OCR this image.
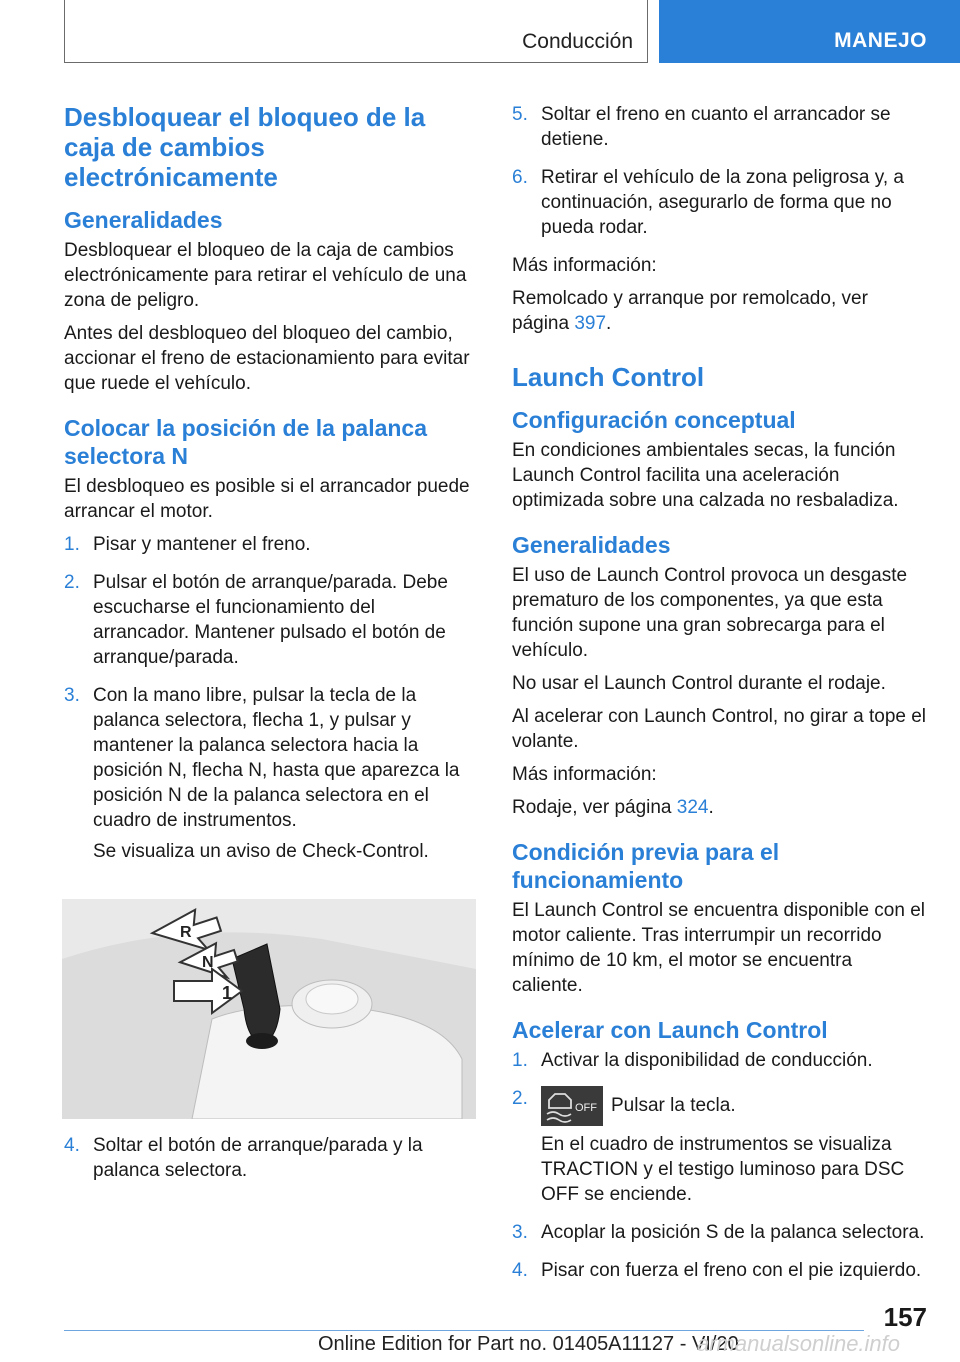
Conducción	MANEJO
Desbloquear el bloqueo de la caja de cambios electrónicamente
Generalidades

Desbloquear el bloqueo de la caja de cambios electrónicamente para retirar el vehículo de una zona de peligro.

Antes del desbloqueo del bloqueo del cambio, accionar el freno de estacionamiento para evitar que ruede el vehículo.

Colocar la posición de la palanca selectora N

El desbloqueo es posible si el arrancador puede arrancar el motor.

1. Pisar y mantener el freno.

2. Pulsar el botón de arranque/parada. Debe escucharse el funcionamiento del arrancador. Mantener pulsado el botón de arranque/parada.

3. Con la mano libre, pulsar la tecla de la palanca selectora, flecha 1, y pulsar y mantener la palanca selectora hacia la posición N, flecha N, hasta que aparezca la posición N de la palanca selectora en el cuadro de instrumentos.

Se visualiza un aviso de Check-Control.

R
N
1
4. Soltar el botón de arranque/parada y la palanca selectora.

5. Soltar el freno en cuanto el arrancador se detiene.

6. Retirar el vehículo de la zona peligrosa y, a continuación, asegurarlo de forma que no pueda rodar.

Más información:

Remolcado y arranque por remolcado, ver página 397.

Launch Control
Configuración conceptual

En condiciones ambientales secas, la función Launch Control facilita una aceleración optimizada sobre una calzada no resbaladiza.

Generalidades

El uso de Launch Control provoca un desgaste prematuro de los componentes, ya que esta función supone una gran sobrecarga para el vehículo.

No usar el Launch Control durante el rodaje.

Al acelerar con Launch Control, no girar a tope el volante.

Más información:

Rodaje, ver página 324.

Condición previa para el funcionamiento

El Launch Control se encuentra disponible con el motor caliente. Tras interrumpir un recorrido mínimo de 10 km, el motor se encuentra caliente.

Acelerar con Launch Control
1. Activar la disponibilidad de conducción.

2.	OFF Pulsar la tecla.

En el cuadro de instrumentos se visualiza TRACTION y el testigo luminoso para DSC OFF se enciende.

3. Acoplar la posición S de la palanca selectora.

4. Pisar con fuerza el freno con el pie izquierdo.

157
Online Edition for Part no. 01405A11127 - VI/20
armanualsonline.info
